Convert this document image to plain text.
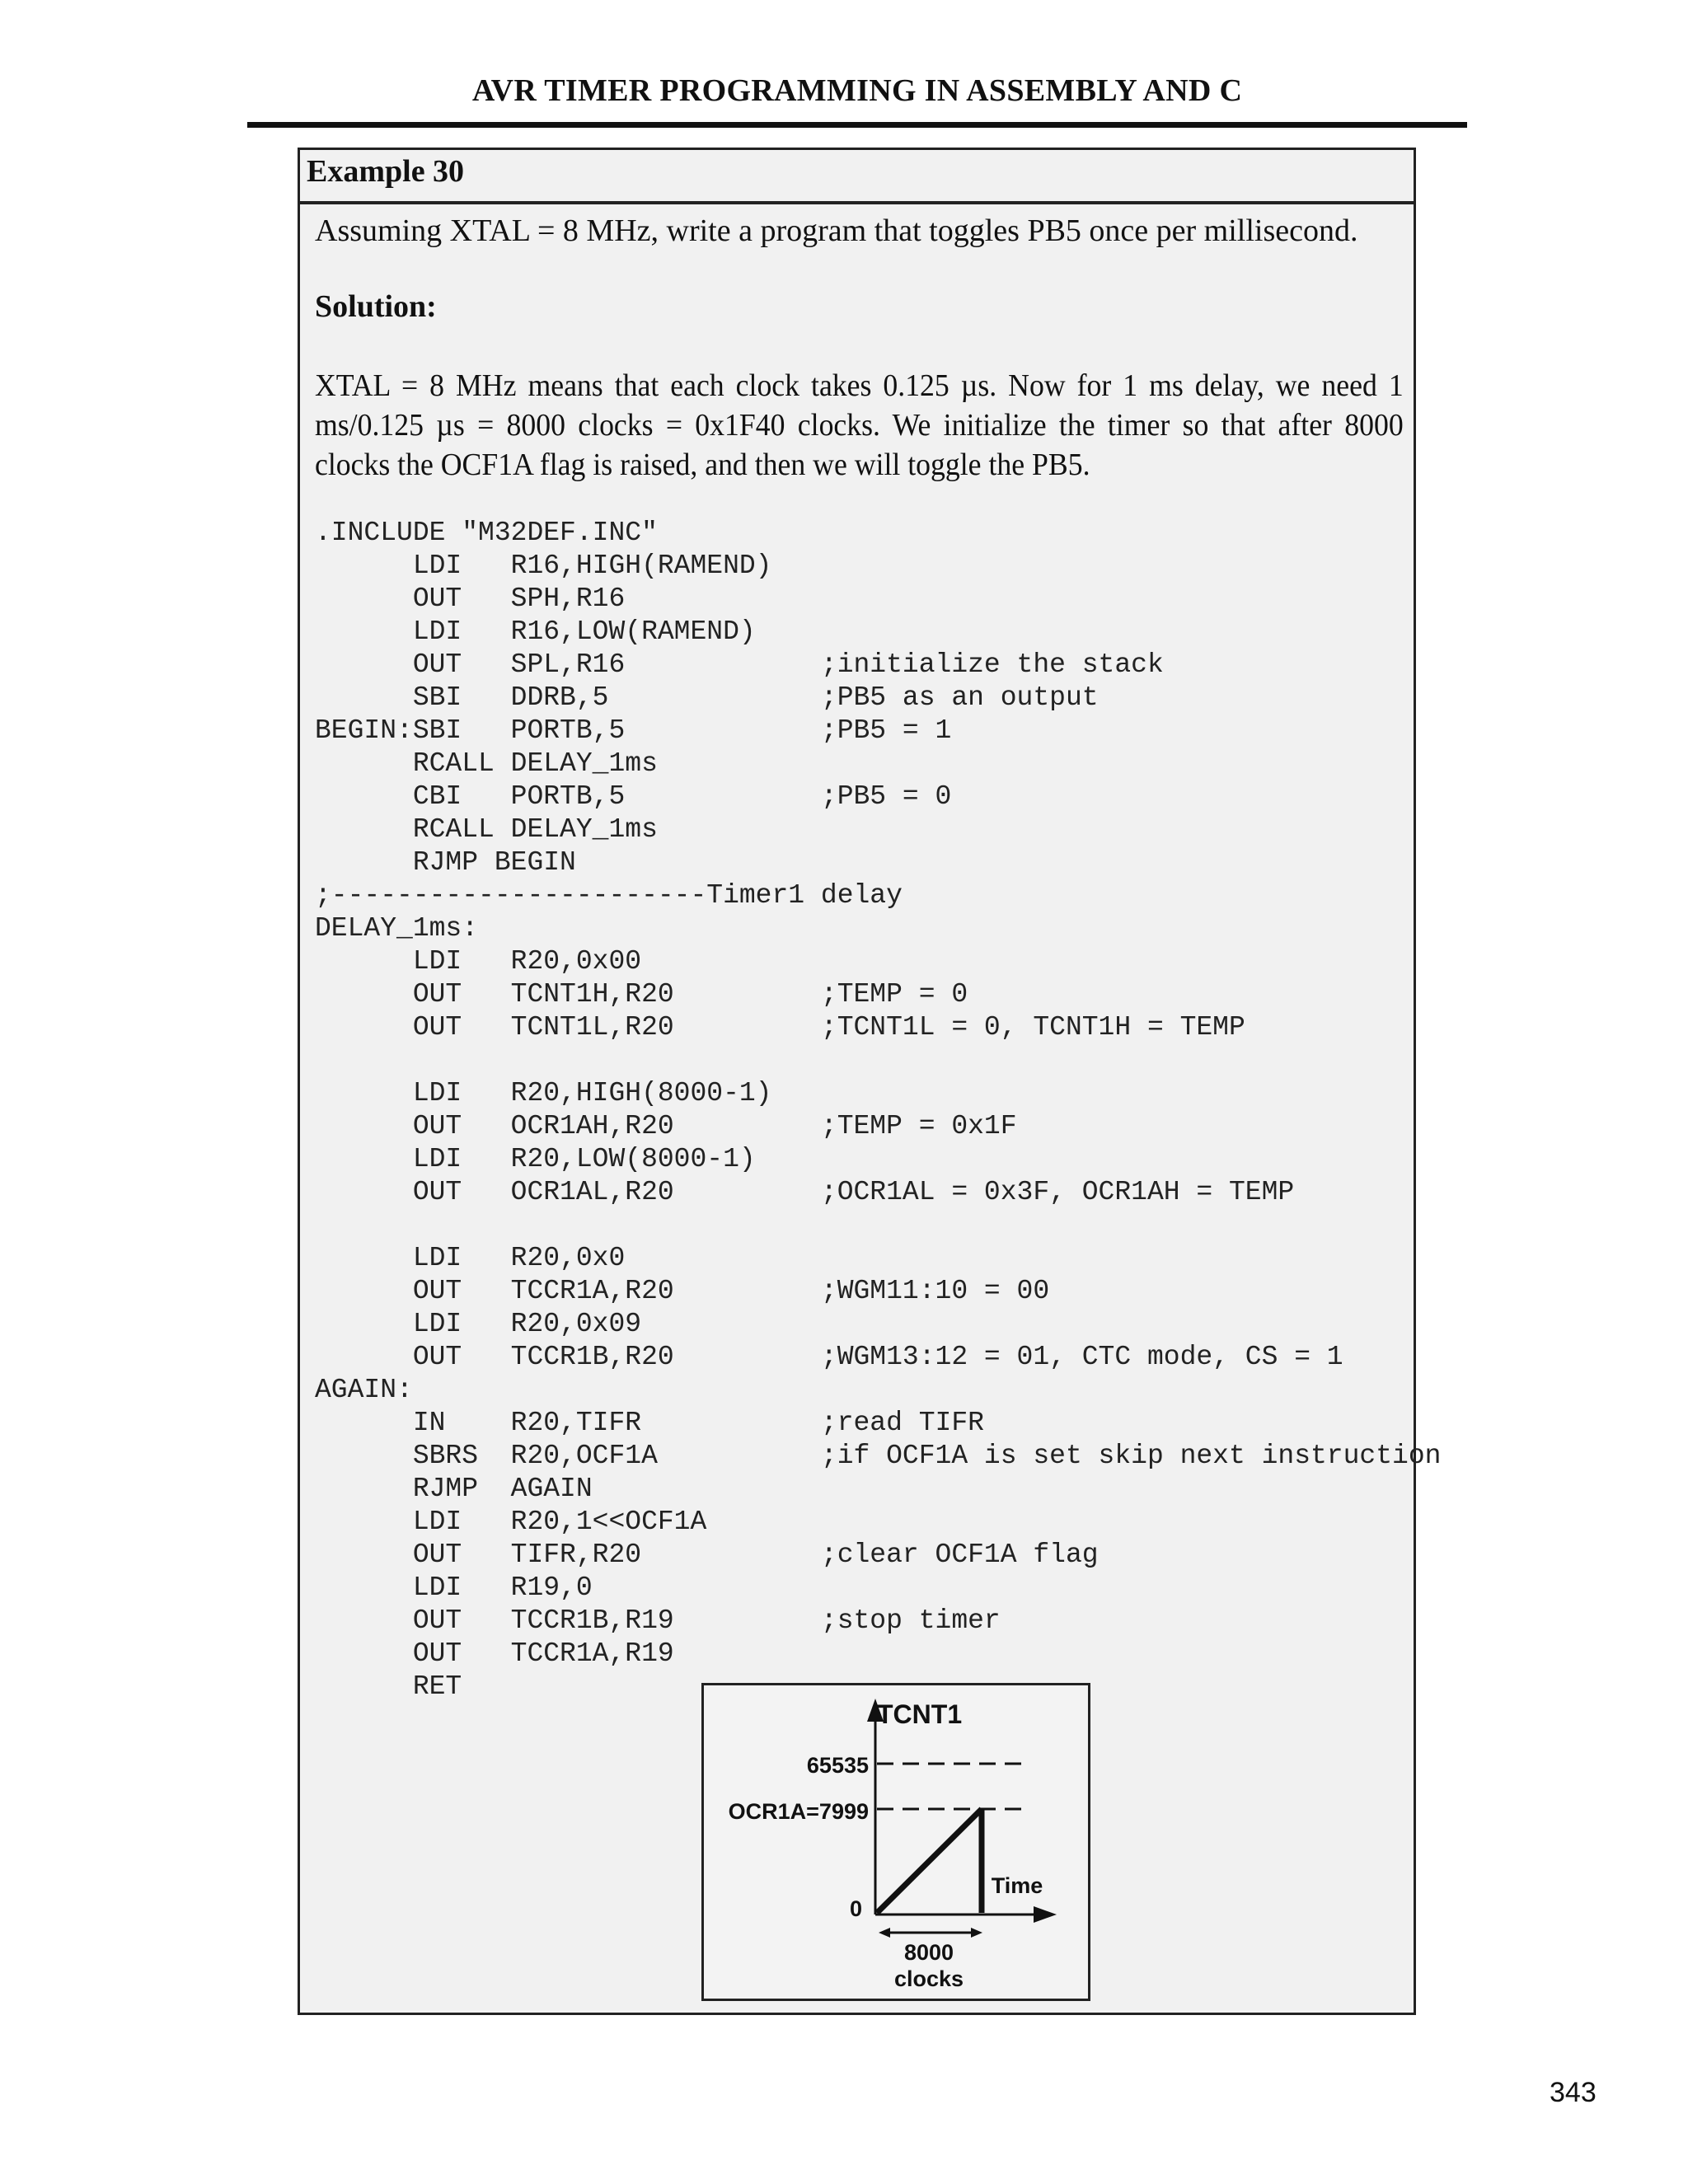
AVR TIMER PROGRAMMING IN ASSEMBLY AND C
Example 30
Assuming XTAL = 8 MHz, write a program that toggles PB5 once per millisecond.
Solution:
XTAL = 8 MHz means that each clock takes 0.125 µs. Now for 1 ms delay, we need 1 ms/0.125 µs = 8000 clocks = 0x1F40 clocks. We initialize the timer so that after 8000 clocks the OCF1A flag is raised, and then we will toggle the PB5.
.INCLUDE "M32DEF.INC"
LDI   R16,HIGH(RAMEND)
OUT   SPH,R16
LDI   R16,LOW(RAMEND)
OUT   SPL,R16            ;initialize the stack
SBI   DDRB,5             ;PB5 as an output
BEGIN:SBI   PORTB,5            ;PB5 = 1
RCALL DELAY_1ms
CBI   PORTB,5            ;PB5 = 0
RCALL DELAY_1ms
RJMP BEGIN
;-----------------------Timer1 delay
DELAY_1ms:
LDI   R20,0x00
OUT   TCNT1H,R20         ;TEMP = 0
OUT   TCNT1L,R20         ;TCNT1L = 0, TCNT1H = TEMP

LDI   R20,HIGH(8000-1)
OUT   OCR1AH,R20         ;TEMP = 0x1F
LDI   R20,LOW(8000-1)
OUT   OCR1AL,R20         ;OCR1AL = 0x3F, OCR1AH = TEMP

LDI   R20,0x0
OUT   TCCR1A,R20         ;WGM11:10 = 00
LDI   R20,0x09
OUT   TCCR1B,R20         ;WGM13:12 = 01, CTC mode, CS = 1
AGAIN:
IN    R20,TIFR           ;read TIFR
SBRS  R20,OCF1A          ;if OCF1A is set skip next instruction
RJMP  AGAIN
LDI   R20,1<<OCF1A
OUT   TIFR,R20           ;clear OCF1A flag
LDI   R19,0
OUT   TCCR1B,R19         ;stop timer
OUT   TCCR1A,R19
RET
TCNT1
65535
OCR1A=7999
0
Time
8000
clocks
343
